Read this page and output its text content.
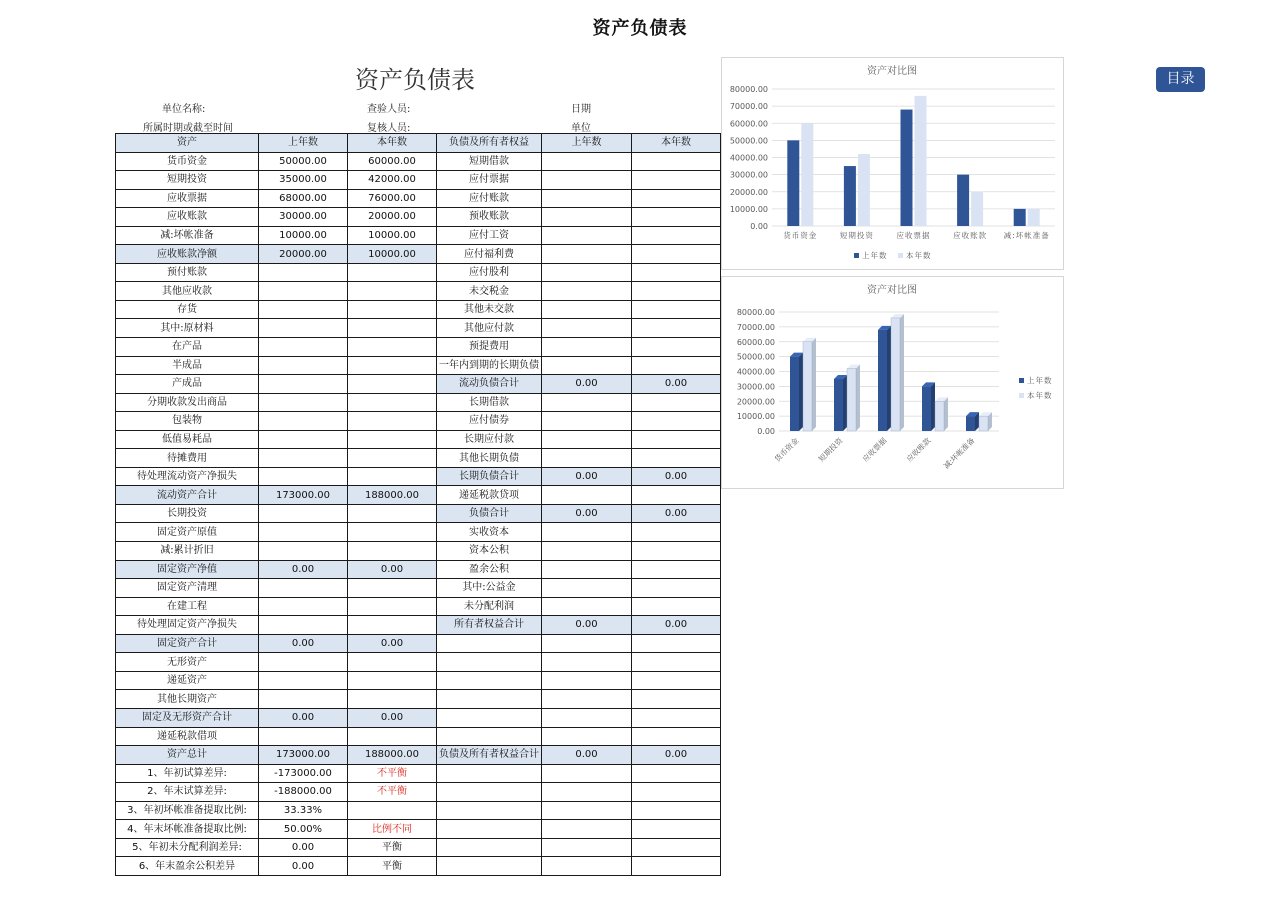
资产负债表
资产负债表
单位名称:
所属时期或截至时间
查验人员:
复核人员:
日期
单位
资产	上年数	本年数	负债及所有者权益	上年数	本年数
货币资金	50000.00	60000.00	短期借款		
短期投资	35000.00	42000.00	应付票据		
应收票据	68000.00	76000.00	应付账款		
应收账款	30000.00	20000.00	预收账款		
减:坏帐准备	10000.00	10000.00	应付工资		
应收账款净额	20000.00	10000.00	应付福利费		
预付账款			应付股利		
其他应收款			未交税金		
存货			其他未交款		
其中:原材料			其他应付款		
在产品			预提费用		
半成品			一年内到期的长期负债		
产成品			流动负债合计	0.00	0.00
分期收款发出商品			长期借款		
包装物			应付债券		
低值易耗品			长期应付款		
待摊费用			其他长期负债		
待处理流动资产净损失			长期负债合计	0.00	0.00
流动资产合计	173000.00	188000.00	递延税款贷项		
长期投资			负债合计	0.00	0.00
固定资产原值			实收资本		
减:累计折旧			资本公积		
固定资产净值	0.00	0.00	盈余公积		
固定资产清理			其中:公益金		
在建工程			未分配利润		
待处理固定资产净损失			所有者权益合计	0.00	0.00
固定资产合计	0.00	0.00			
无形资产					
递延资产					
其他长期资产					
固定及无形资产合计	0.00	0.00			
递延税款借项					
资产总计	173000.00	188000.00	负债及所有者权益合计	0.00	0.00
1、年初试算差异:	-173000.00	不平衡			
2、年末试算差异:	-188000.00	不平衡			
3、年初坏帐准备提取比例:	33.33%				
4、年末坏帐准备提取比例:	50.00%	比例不同			
5、年初未分配利润差异:	0.00	平衡			
6、年末盈余公积差异	0.00	平衡			
资产对比图
0.00
10000.00
20000.00
30000.00
40000.00
50000.00
60000.00
70000.00
80000.00
货币资金	短期投资	应收票据	应收账款 减:坏帐准备
上年数 本年数
资产对比图
0.00
10000.00
20000.00
30000.00
40000.00
50000.00
60000.00
70000.00
80000.00
货币资金 短期投资 应收票据 应收账款 减:坏帐准备
上年数
本年数
目录
